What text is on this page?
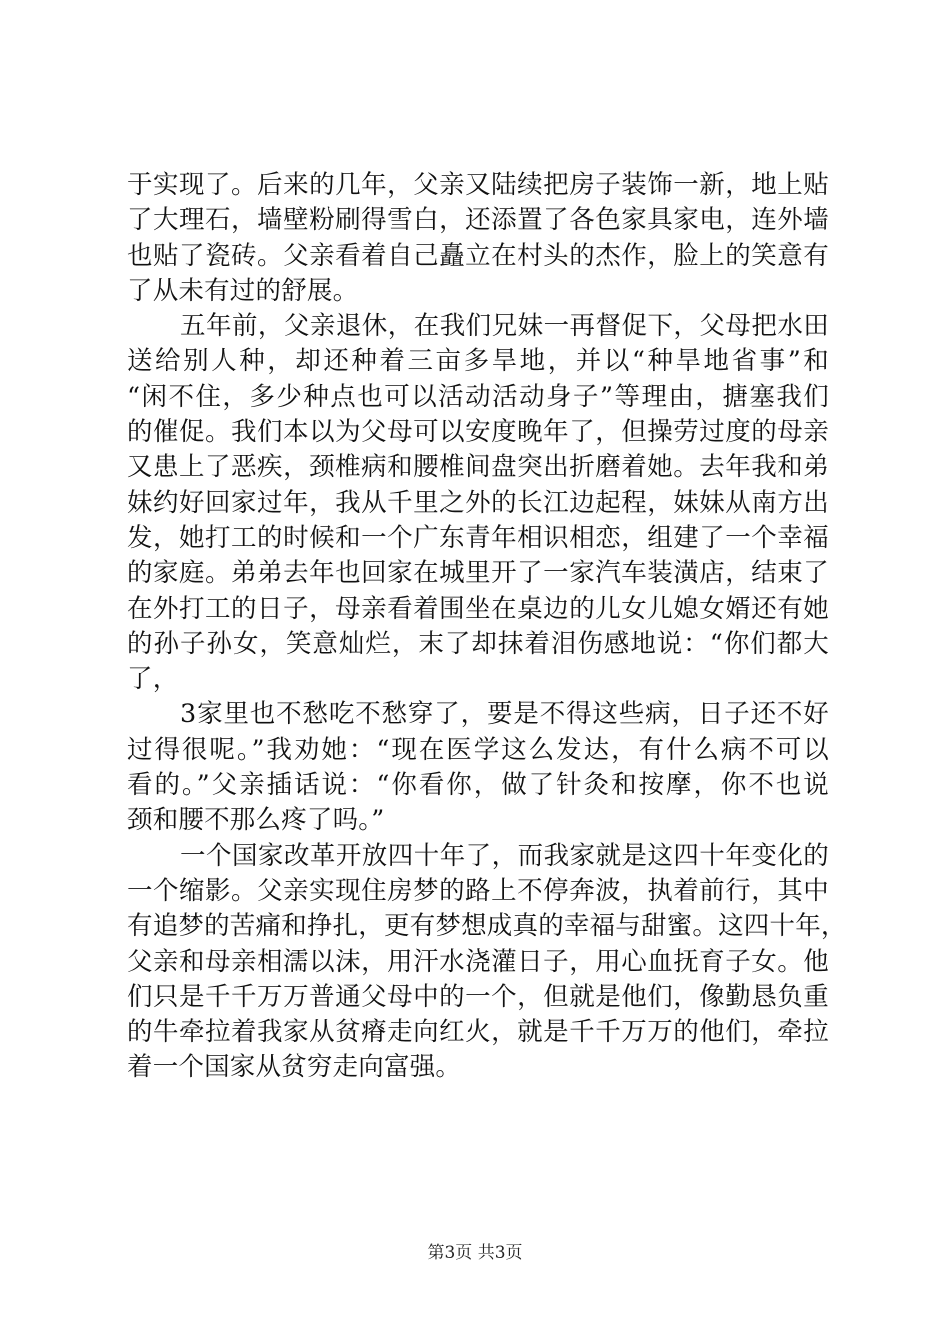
于实现了。后来的几年，父亲又陆续把房子装饰一新，地上贴
了大理石，墙壁粉刷得雪白，还添置了各色家具家电，连外墙
也贴了瓷砖。父亲看着自己矗立在村头的杰作，脸上的笑意有
了从未有过的舒展。
五年前，父亲退休，在我们兄妹一再督促下，父母把水田
送给别人种，却还种着三亩多旱地，并以“种旱地省事”和
“闲不住，多少种点也可以活动活动身子”等理由，搪塞我们
的催促。我们本以为父母可以安度晚年了，但操劳过度的母亲
又患上了恶疾，颈椎病和腰椎间盘突出折磨着她。去年我和弟
妹约好回家过年，我从千里之外的长江边起程，妹妹从南方出
发，她打工的时候和一个广东青年相识相恋，组建了一个幸福
的家庭。弟弟去年也回家在城里开了一家汽车装潢店，结束了
在外打工的日子，母亲看着围坐在桌边的儿女儿媳女婿还有她
的孙子孙女，笑意灿烂，末了却抹着泪伤感地说：“你们都大
了，
3家里也不愁吃不愁穿了，要是不得这些病，日子还不好
过得很呢。”我劝她：“现在医学这么发达，有什么病不可以
看的。”父亲插话说：“你看你，做了针灸和按摩，你不也说
颈和腰不那么疼了吗。”
一个国家改革开放四十年了，而我家就是这四十年变化的
一个缩影。父亲实现住房梦的路上不停奔波，执着前行，其中
有追梦的苦痛和挣扎，更有梦想成真的幸福与甜蜜。这四十年，
父亲和母亲相濡以沫，用汗水浇灌日子，用心血抚育子女。他
们只是千千万万普通父母中的一个，但就是他们，像勤恳负重
的牛牵拉着我家从贫瘠走向红火，就是千千万万的他们，牵拉
着一个国家从贫穷走向富强。
第3页 共3页
